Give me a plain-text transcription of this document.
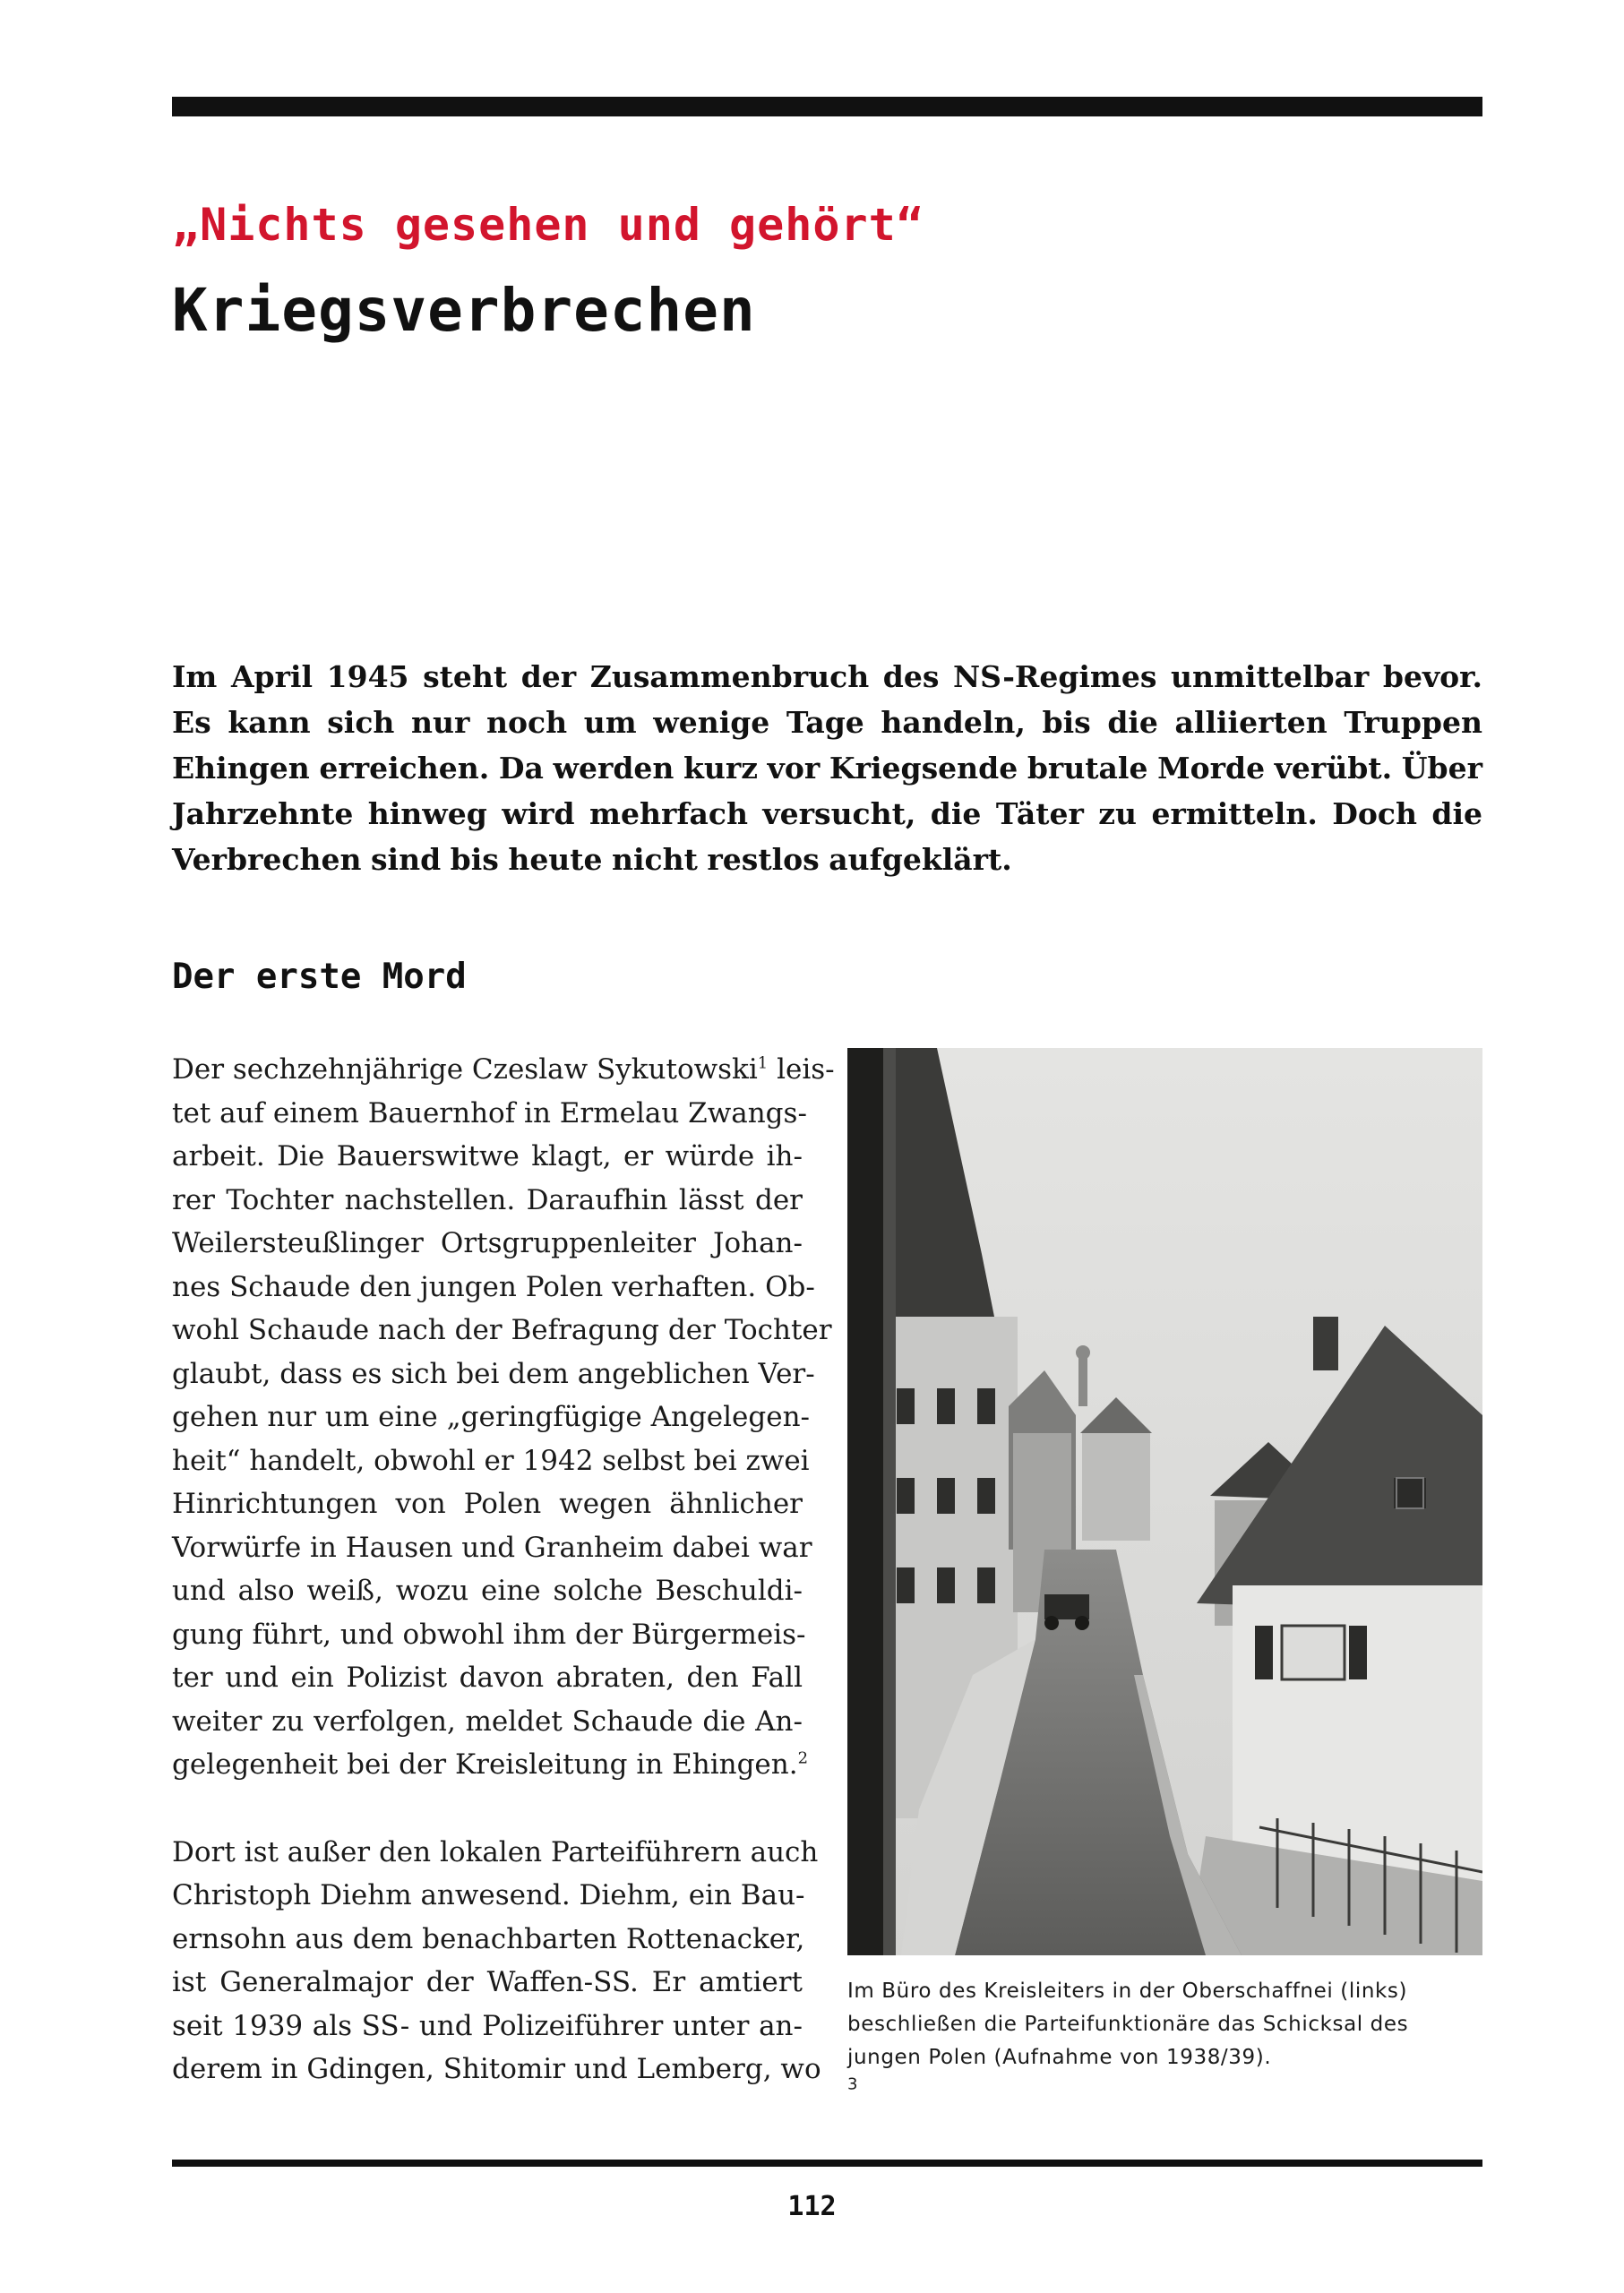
„Nichts gesehen und gehört“
Kriegsverbrechen

Im April 1945 steht der Zusammenbruch des NS-Regimes unmittelbar bevor. Es kann sich nur noch um wenige Tage handeln, bis die alliierten Truppen Ehingen erreichen. Da werden kurz vor Kriegsende brutale Morde verübt. Über Jahrzehnte hinweg wird mehrfach versucht, die Täter zu ermitteln. Doch die Verbrechen sind bis heute nicht restlos aufgeklärt.

Der erste Mord

Der sechzehnjährige Czeslaw Sykutowski$^1$ leis-
tet auf einem Bauernhof in Ermelau Zwangs-
arbeit. Die Bauerswitwe klagt, er würde ih-
rer Tochter nachstellen. Daraufhin lässt der
Weilersteußlinger Ortsgruppenleiter Johan-
nes Schaude den jungen Polen verhaften. Ob-
wohl Schaude nach der Befragung der Tochter
glaubt, dass es sich bei dem angeblichen Ver-
gehen nur um eine „geringfügige Angelegen-
heit“ handelt, obwohl er 1942 selbst bei zwei
Hinrichtungen von Polen wegen ähnlicher
Vorwürfe in Hausen und Granheim dabei war
und also weiß, wozu eine solche Beschuldi-
gung führt, und obwohl ihm der Bürgermeis-
ter und ein Polizist davon abraten, den Fall
weiter zu verfolgen, meldet Schaude die An-
gelegenheit bei der Kreisleitung in Ehingen.$^2$

Dort ist außer den lokalen Parteiführern auch
Christoph Diehm anwesend. Diehm, ein Bau-
ernsohn aus dem benachbarten Rottenacker,
ist Generalmajor der Waffen-SS. Er amtiert
seit 1939 als SS- und Polizeiführer unter an-
derem in Gdingen, Shitomir und Lemberg, wo

Im Büro des Kreisleiters in der Oberschaffnei (links)
beschließen die Parteifunktionäre das Schicksal des
jungen Polen (Aufnahme von 1938/39).
$^3$

112
